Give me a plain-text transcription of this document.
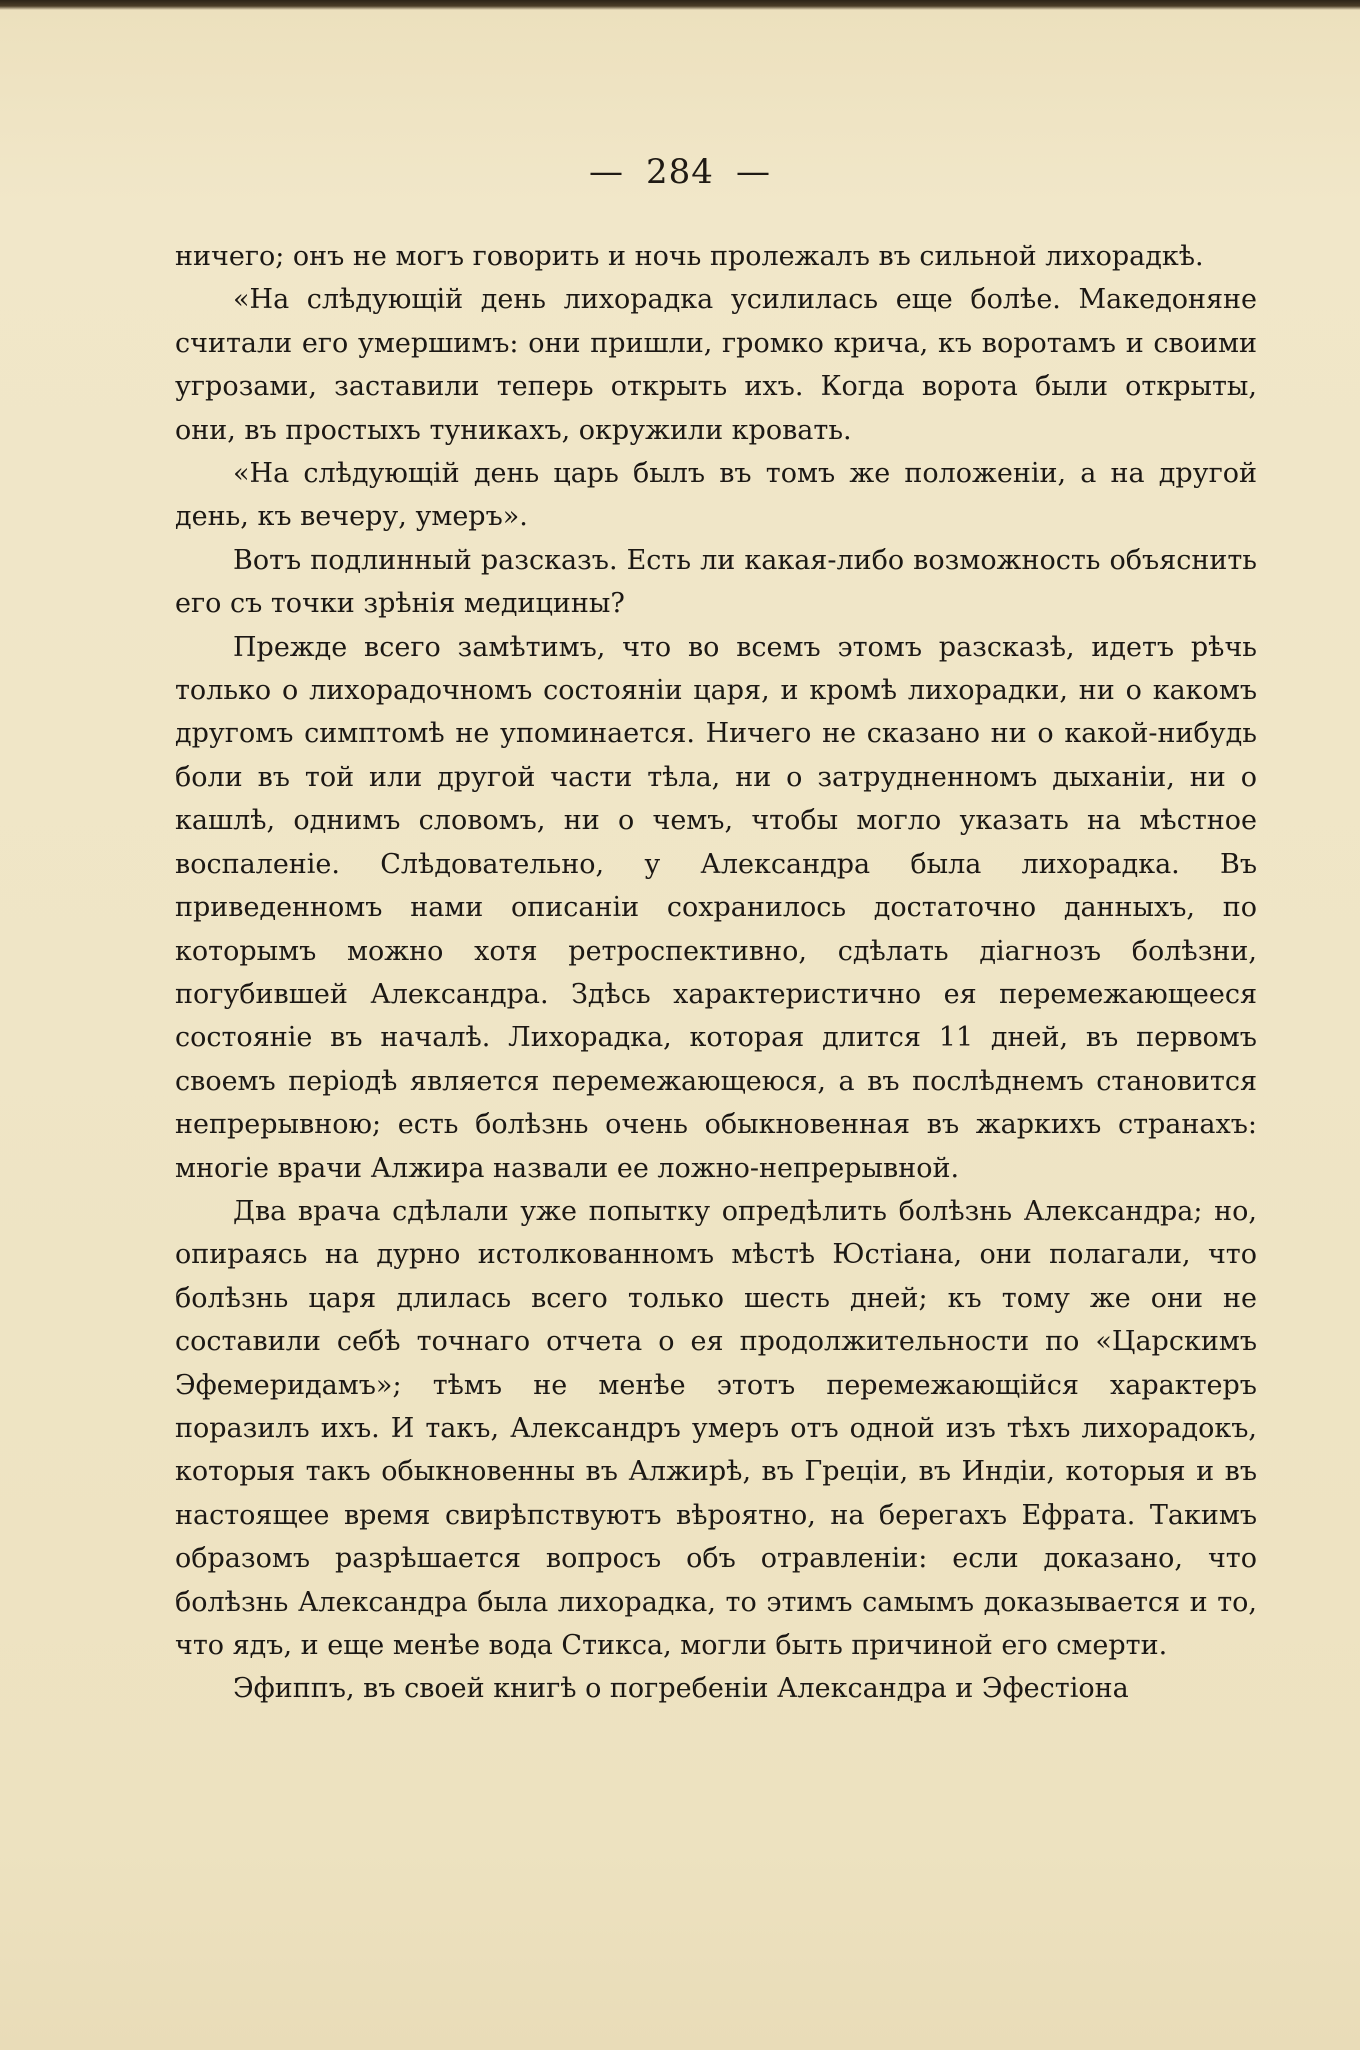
— 284 —

ничего; онъ не могъ говорить и ночь пролежалъ въ сильной лихорадкѣ.

«На слѣдующій день лихорадка усилилась еще болѣе. Македоняне считали его умершимъ: они пришли, громко крича, къ воротамъ и своими угрозами, заставили теперь открыть ихъ. Когда ворота были открыты, они, въ простыхъ туникахъ, окружили кровать.

«На слѣдующій день царь былъ въ томъ же положеніи, а на другой день, къ вечеру, умеръ».

Вотъ подлинный разсказъ. Есть ли какая-либо возможность объяснить его съ точки зрѣнія медицины?

Прежде всего замѣтимъ, что во всемъ этомъ разсказѣ, идетъ рѣчь только о лихорадочномъ состояніи царя, и кромѣ лихорадки, ни о какомъ другомъ симптомѣ не упоминается. Ничего не сказано ни о какой-нибудь боли въ той или другой части тѣла, ни о затрудненномъ дыханіи, ни о кашлѣ, однимъ словомъ, ни о чемъ, чтобы могло указать на мѣстное воспаленіе. Слѣдовательно, у Александра была лихорадка. Въ приведенномъ нами описаніи сохранилось достаточно данныхъ, по которымъ можно хотя ретроспективно, сдѣлать діагнозъ болѣзни, погубившей Александра. Здѣсь характеристично ея перемежающееся состояніе въ началѣ. Лихорадка, которая длится 11 дней, въ первомъ своемъ періодѣ является перемежающеюся, а въ послѣднемъ становится непрерывною; есть болѣзнь очень обыкновенная въ жаркихъ странахъ: многіе врачи Алжира назвали ее ложно-непрерывной.

Два врача сдѣлали уже попытку опредѣлить болѣзнь Александра; но, опираясь на дурно истолкованномъ мѣстѣ Юстіана, они полагали, что болѣзнь царя длилась всего только шесть дней; къ тому же они не составили себѣ точнаго отчета о ея продолжительности по «Царскимъ Эфемеридамъ»; тѣмъ не менѣе этотъ перемежающійся характеръ поразилъ ихъ. И такъ, Александръ умеръ отъ одной изъ тѣхъ лихорадокъ, которыя такъ обыкновенны въ Алжирѣ, въ Греціи, въ Индіи, которыя и въ настоящее время свирѣпствуютъ вѣроятно, на берегахъ Ефрата. Такимъ образомъ разрѣшается вопросъ объ отравленіи: если доказано, что болѣзнь Александра была лихорадка, то этимъ самымъ доказывается и то, что ядъ, и еще менѣе вода Стикса, могли быть причиной его смерти.

Эфиппъ, въ своей книгѣ о погребеніи Александра и Эфестіона
